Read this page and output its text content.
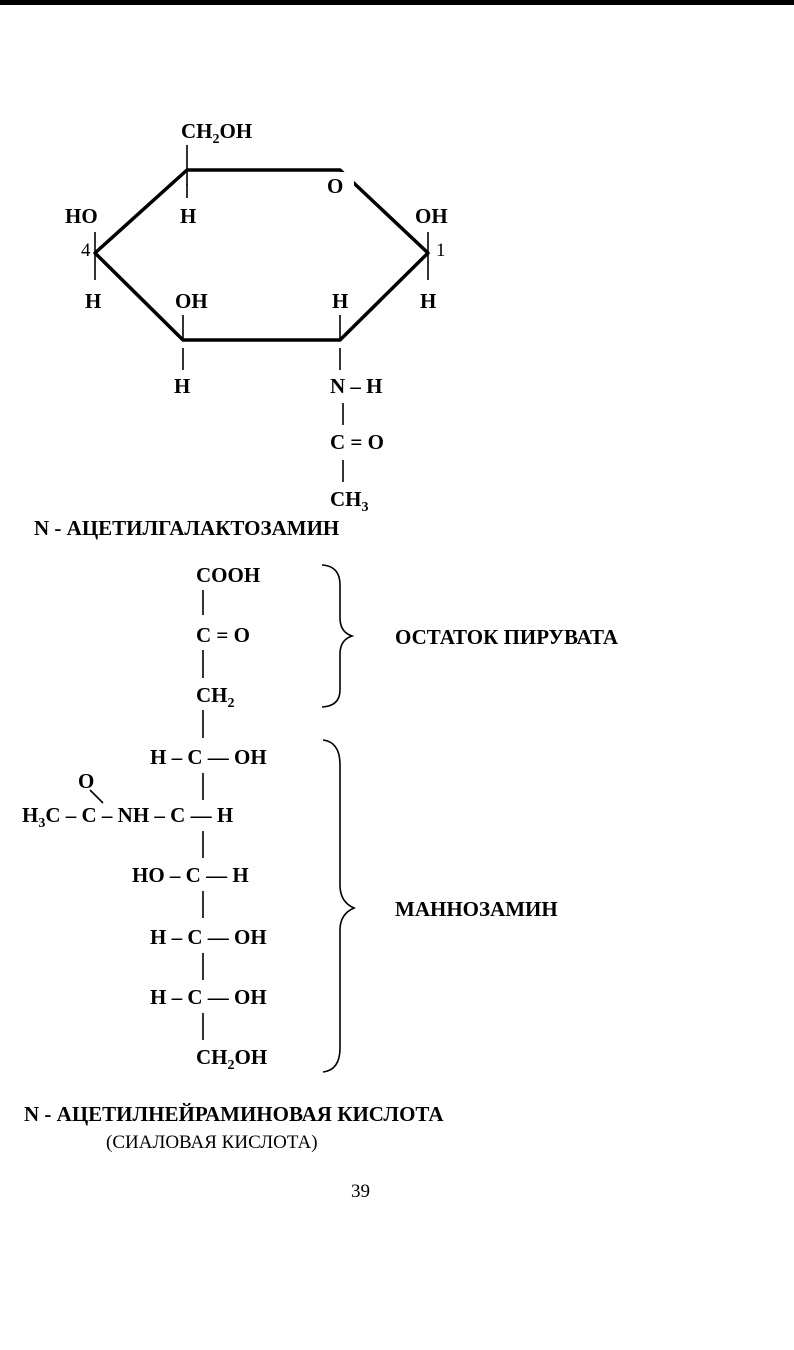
$CH_2OH$
H
O
HO
4
H
OH
1
H
OH
H
H
N – H
C = O
$CH_3$
N - АЦЕТИЛГАЛАКТОЗАМИН
COOH
C = O
$CH_2$
H – C — OH
O
$H_3C$ – C – NH – C — H
HO – C — H
H – C — OH
H – C — OH
$CH_2OH$
ОСТАТОК ПИРУВАТА
МАННОЗАМИН
N - АЦЕТИЛНЕЙРАМИНОВАЯ КИСЛОТА
(СИАЛОВАЯ КИСЛОТА)
39
